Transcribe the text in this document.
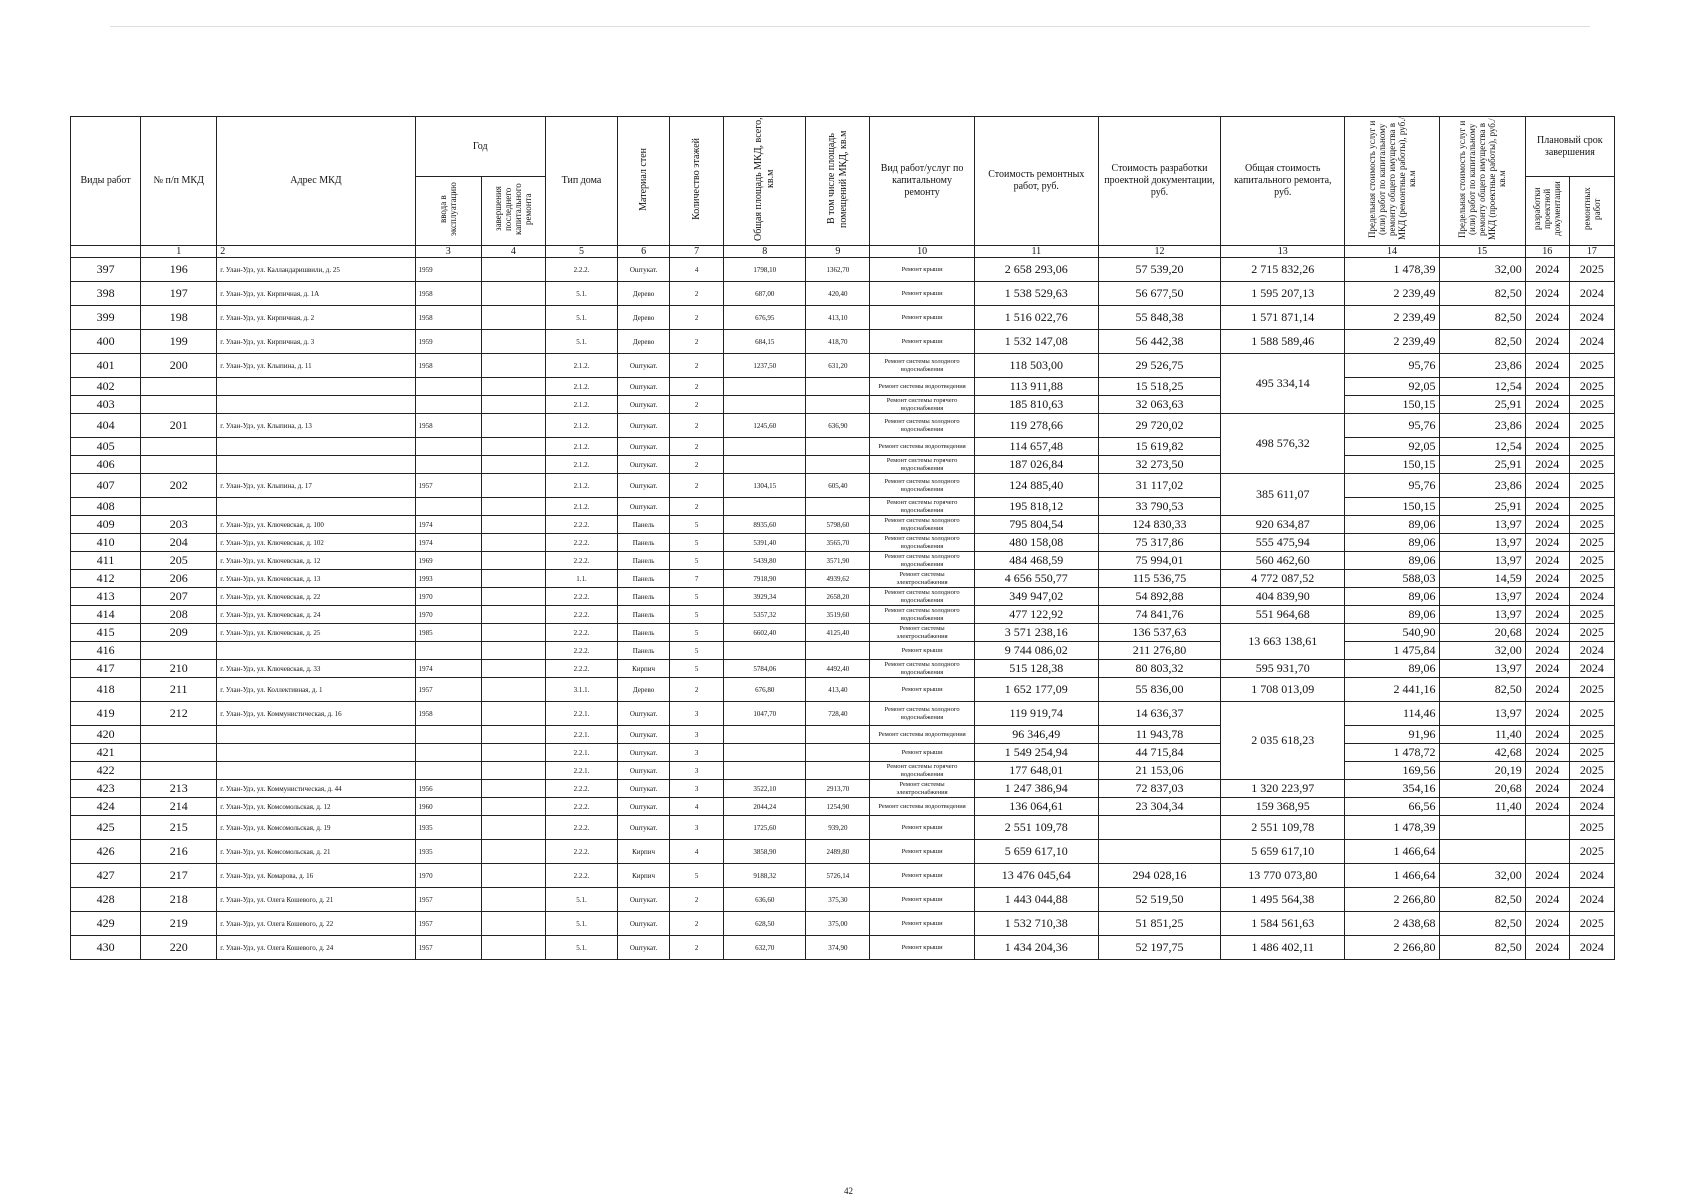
Виды работ	№ п/п МКД	Адрес МКД	Год		Тип дома	Материал стен	Количество этажей	Общая площадь МКД, всего, кв.м	В том числе площадь помещений МКД, кв.м	Вид работ/услуг по капитальному ремонту	Стоимость ремонтных работ, руб.	Стоимость разработки проектной документации, руб.	Общая стоимость капитального ремонта, руб.	Предельная стоимость услуг и (или) работ по капитальному ремонту общего имущества в МКД (ремонтные работы), руб./кв.м	Предельная стоимость услуг и (или) работ по капитальному ремонту общего имущества в МКД (проектные работы), руб./кв.м	Плановый срок завершения	
			ввода в эксплуатацию	завершения последнего капитального ремонта												разработки проектной документации	ремонтных работ
	1	2	3	4	5	6	7	8	9	10	11	12	13	14	15	16	17
397	196	г. Улан-Удэ, ул. Калландаришвили, д. 25	1959		2.2.2.	Оштукат.	4	1798,10	1362,70	Ремонт крыши	2 658 293,06	57 539,20	2 715 832,26	1 478,39	32,00	2024	2025
398	197	г. Улан-Удэ, ул. Кирпичная, д. 1А	1958		5.1.	Дерево	2	687,00	420,40	Ремонт крыши	1 538 529,63	56 677,50	1 595 207,13	2 239,49	82,50	2024	2024
399	198	г. Улан-Удэ, ул. Кирпичная, д. 2	1958		5.1.	Дерево	2	676,95	413,10	Ремонт крыши	1 516 022,76	55 848,38	1 571 871,14	2 239,49	82,50	2024	2024
400	199	г. Улан-Удэ, ул. Кирпичная, д. 3	1959		5.1.	Дерево	2	684,15	418,70	Ремонт крыши	1 532 147,08	56 442,38	1 588 589,46	2 239,49	82,50	2024	2024
401	200	г. Улан-Удэ, ул. Клыпина, д. 11	1958		2.1.2.	Оштукат.	2	1237,50	631,20	Ремонт системы холодного водоснабжения	118 503,00	29 526,75	495 334,14	95,76	23,86	2024	2025
402					2.1.2.	Оштукат.	2			Ремонт системы водоотведения	113 911,88	15 518,25		92,05	12,54	2024	2025
403					2.1.2.	Оштукат.	2			Ремонт системы горячего водоснабжения	185 810,63	32 063,63		150,15	25,91	2024	2025
404	201	г. Улан-Удэ, ул. Клыпина, д. 13	1958		2.1.2.	Оштукат.	2	1245,60	636,90	Ремонт системы холодного водоснабжения	119 278,66	29 720,02	498 576,32	95,76	23,86	2024	2025
405					2.1.2.	Оштукат.	2			Ремонт системы водоотведения	114 657,48	15 619,82		92,05	12,54	2024	2025
406					2.1.2.	Оштукат.	2			Ремонт системы горячего водоснабжения	187 026,84	32 273,50		150,15	25,91	2024	2025
407	202	г. Улан-Удэ, ул. Клыпина, д. 17	1957		2.1.2.	Оштукат.	2	1304,15	605,40	Ремонт системы холодного водоснабжения	124 885,40	31 117,02	385 611,07	95,76	23,86	2024	2025
408					2.1.2.	Оштукат.	2			Ремонт системы горячего водоснабжения	195 818,12	33 790,53		150,15	25,91	2024	2025
409	203	г. Улан-Удэ, ул. Ключевская, д. 100	1974		2.2.2.	Панель	5	8935,60	5798,60	Ремонт системы холодного водоснабжения	795 804,54	124 830,33	920 634,87	89,06	13,97	2024	2025
410	204	г. Улан-Удэ, ул. Ключевская, д. 102	1974		2.2.2.	Панель	5	5391,40	3565,70	Ремонт системы холодного водоснабжения	480 158,08	75 317,86	555 475,94	89,06	13,97	2024	2025
411	205	г. Улан-Удэ, ул. Ключевская, д. 12	1969		2.2.2.	Панель	5	5439,80	3571,90	Ремонт системы холодного водоснабжения	484 468,59	75 994,01	560 462,60	89,06	13,97	2024	2025
412	206	г. Улан-Удэ, ул. Ключевская, д. 13	1993		1.1.	Панель	7	7918,90	4939,62	Ремонт системы электроснабжения	4 656 550,77	115 536,75	4 772 087,52	588,03	14,59	2024	2025
413	207	г. Улан-Удэ, ул. Ключевская, д. 22	1970		2.2.2.	Панель	5	3929,34	2658,20	Ремонт системы холодного водоснабжения	349 947,02	54 892,88	404 839,90	89,06	13,97	2024	2024
414	208	г. Улан-Удэ, ул. Ключевская, д. 24	1970		2.2.2.	Панель	5	5357,32	3519,60	Ремонт системы холодного водоснабжения	477 122,92	74 841,76	551 964,68	89,06	13,97	2024	2025
415	209	г. Улан-Удэ, ул. Ключевская, д. 25	1985		2.2.2.	Панель	5	6602,40	4125,40	Ремонт системы электроснабжения	3 571 238,16	136 537,63	13 663 138,61	540,90	20,68	2024	2025
416					2.2.2.	Панель	5			Ремонт крыши	9 744 086,02	211 276,80		1 475,84	32,00	2024	2024
417	210	г. Улан-Удэ, ул. Ключевская, д. 33	1974		2.2.2.	Кирпич	5	5784,06	4492,40	Ремонт системы холодного водоснабжения	515 128,38	80 803,32	595 931,70	89,06	13,97	2024	2024
418	211	г. Улан-Удэ, ул. Коллективная, д. 1	1957		3.1.1.	Дерево	2	676,80	413,40	Ремонт крыши	1 652 177,09	55 836,00	1 708 013,09	2 441,16	82,50	2024	2025
419	212	г. Улан-Удэ, ул. Коммунистическая, д. 16	1958		2.2.1.	Оштукат.	3	1047,70	728,40	Ремонт системы холодного водоснабжения	119 919,74	14 636,37	2 035 618,23	114,46	13,97	2024	2025
420					2.2.1.	Оштукат.	3			Ремонт системы водоотведения	96 346,49	11 943,78		91,96	11,40	2024	2025
421					2.2.1.	Оштукат.	3			Ремонт крыши	1 549 254,94	44 715,84		1 478,72	42,68	2024	2025
422					2.2.1.	Оштукат.	3			Ремонт системы горячего водоснабжения	177 648,01	21 153,06		169,56	20,19	2024	2025
423	213	г. Улан-Удэ, ул. Коммунистическая, д. 44	1956		2.2.2.	Оштукат.	3	3522,10	2913,70	Ремонт системы электроснабжения	1 247 386,94	72 837,03	1 320 223,97	354,16	20,68	2024	2024
424	214	г. Улан-Удэ, ул. Комсомольская, д. 12	1960		2.2.2.	Оштукат.	4	2044,24	1254,90	Ремонт системы водоотведения	136 064,61	23 304,34	159 368,95	66,56	11,40	2024	2024
425	215	г. Улан-Удэ, ул. Комсомольская, д. 19	1935		2.2.2.	Оштукат.	3	1725,60	939,20	Ремонт крыши	2 551 109,78		2 551 109,78	1 478,39			2025
426	216	г. Улан-Удэ, ул. Комсомольская, д. 21	1935		2.2.2.	Кирпич	4	3858,90	2489,80	Ремонт крыши	5 659 617,10		5 659 617,10	1 466,64			2025
427	217	г. Улан-Удэ, ул. Комарова, д. 16	1970		2.2.2.	Кирпич	5	9188,32	5726,14	Ремонт крыши	13 476 045,64	294 028,16	13 770 073,80	1 466,64	32,00	2024	2024
428	218	г. Улан-Удэ, ул. Олега Кошевого, д. 21	1957		5.1.	Оштукат.	2	636,60	375,30	Ремонт крыши	1 443 044,88	52 519,50	1 495 564,38	2 266,80	82,50	2024	2024
429	219	г. Улан-Удэ, ул. Олега Кошевого, д. 22	1957		5.1.	Оштукат.	2	628,50	375,00	Ремонт крыши	1 532 710,38	51 851,25	1 584 561,63	2 438,68	82,50	2024	2025
430	220	г. Улан-Удэ, ул. Олега Кошевого, д. 24	1957		5.1.	Оштукат.	2	632,70	374,90	Ремонт крыши	1 434 204,36	52 197,75	1 486 402,11	2 266,80	82,50	2024	2024
42
